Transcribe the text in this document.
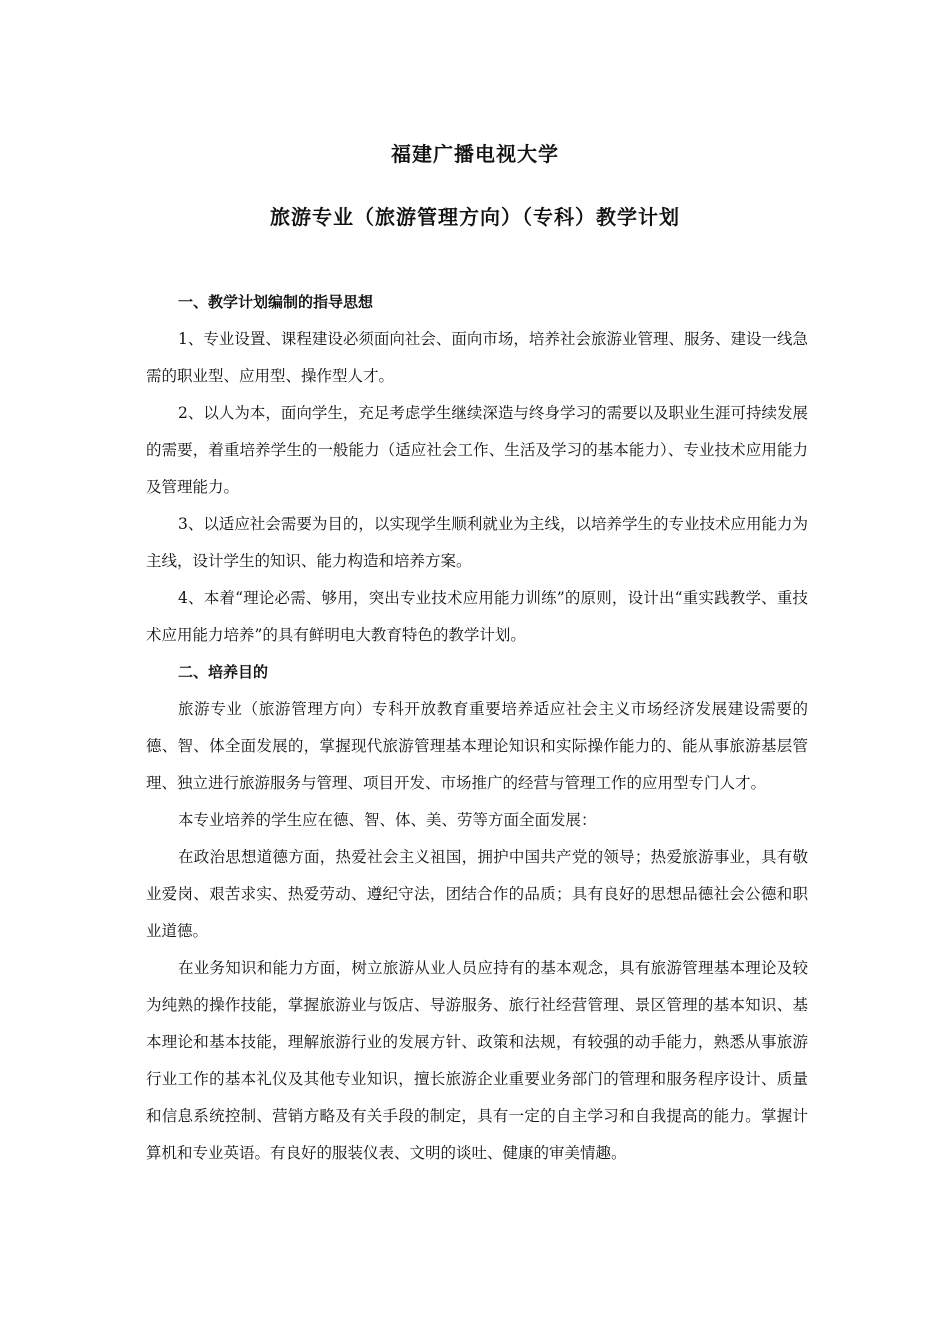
福建广播电视大学
旅游专业（旅游管理方向）（专科）教学计划

一、教学计划编制的指导思想

1、专业设置、课程建设必须面向社会、面向市场，培养社会旅游业管理、服务、建设一线急需的职业型、应用型、操作型人才。

2、以人为本，面向学生，充足考虑学生继续深造与终身学习的需要以及职业生涯可持续发展的需要，着重培养学生的一般能力（适应社会工作、生活及学习的基本能力）、专业技术应用能力及管理能力。

3、以适应社会需要为目的，以实现学生顺利就业为主线，以培养学生的专业技术应用能力为主线，设计学生的知识、能力构造和培养方案。

4、本着“理论必需、够用，突出专业技术应用能力训练”的原则，设计出“重实践教学、重技术应用能力培养”的具有鲜明电大教育特色的教学计划。

二、培养目的

旅游专业（旅游管理方向）专科开放教育重要培养适应社会主义市场经济发展建设需要的德、智、体全面发展的，掌握现代旅游管理基本理论知识和实际操作能力的、能从事旅游基层管理、独立进行旅游服务与管理、项目开发、市场推广的经营与管理工作的应用型专门人才。

本专业培养的学生应在德、智、体、美、劳等方面全面发展：

在政治思想道德方面，热爱社会主义祖国，拥护中国共产党的领导；热爱旅游事业，具有敬业爱岗、艰苦求实、热爱劳动、遵纪守法，团结合作的品质；具有良好的思想品德社会公德和职业道德。

在业务知识和能力方面，树立旅游从业人员应持有的基本观念，具有旅游管理基本理论及较为纯熟的操作技能，掌握旅游业与饭店、导游服务、旅行社经营管理、景区管理的基本知识、基本理论和基本技能，理解旅游行业的发展方针、政策和法规，有较强的动手能力，熟悉从事旅游行业工作的基本礼仪及其他专业知识，擅长旅游企业重要业务部门的管理和服务程序设计、质量和信息系统控制、营销方略及有关手段的制定，具有一定的自主学习和自我提高的能力。掌握计算机和专业英语。有良好的服装仪表、文明的谈吐、健康的审美情趣。
